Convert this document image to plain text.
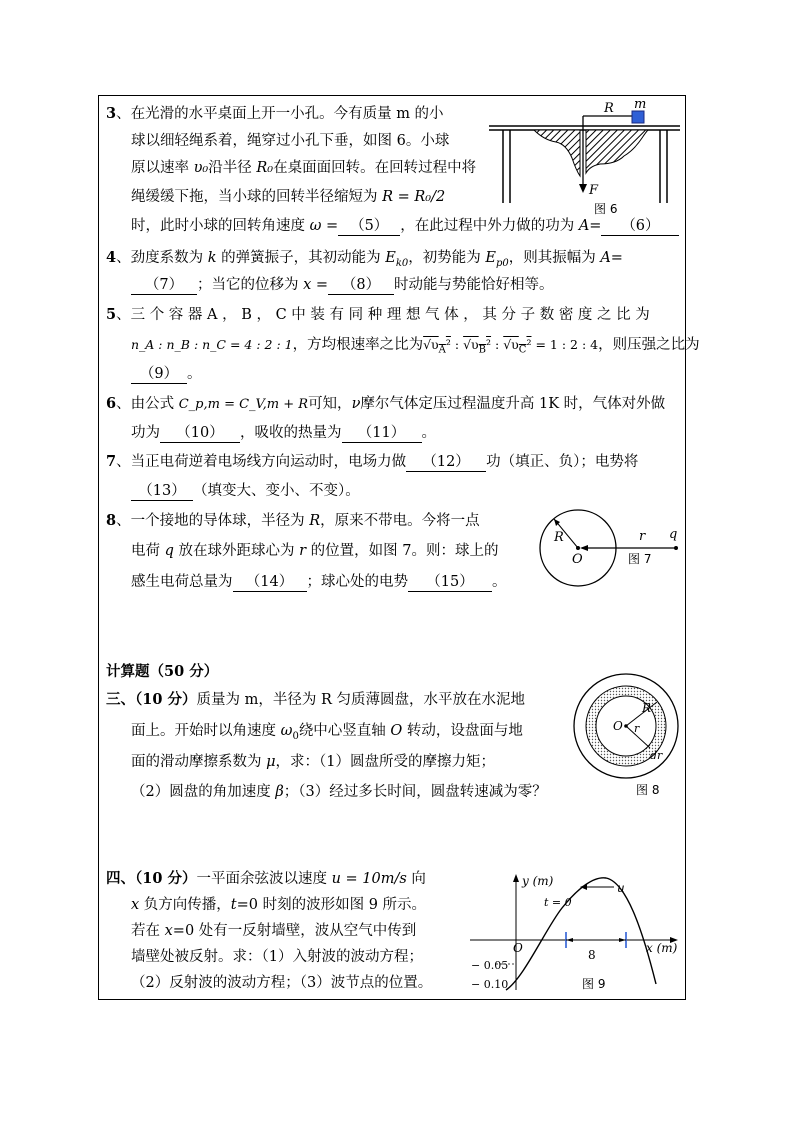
3、在光滑的水平桌面上开一小孔。今有质量 m 的小
球以细轻绳系着，绳穿过小孔下垂，如图 6。小球
原以速率 υ₀沿半径 R₀在桌面面回转。在回转过程中将
绳缓缓下拖，当小球的回转半径缩短为 R = R₀/2
时，此时小球的回转角速度 ω = （5） ，在此过程中外力做的功为 A= （6）
R m
F
图 6
4、劲度系数为 k 的弹簧振子，其初动能为 $E_{k0}$，初势能为 $E_{p0}$，则其振幅为 A=
（7） ；当它的位移为 x = （8） 时动能与势能恰好相等。
5、三 个 容 器 A ， B ， C 中 装 有 同 种 理 想 气 体 ， 其 分 子 数 密 度 之 比 为
n_A : n_B : n_C = 4 : 2 : 1，方均根速率之比为$√\upsilon_A^2$ : $√\upsilon_B^2$ : $√\upsilon_C^2 = 1$ : 2 : 4，则压强之比为
（9） 。
6、由公式 C_p,m = C_V,m + R可知，ν摩尔气体定压过程温度升高 1K 时，气体对外做
功为 （10） ，吸收的热量为 （11） 。
7、当正电荷逆着电场线方向运动时，电场力做 （12） 功（填正、负）；电势将
（13） （填变大、变小、不变）。
8、一个接地的导体球，半径为 R，原来不带电。今将一点
电荷 q 放在球外距球心为 r 的位置，如图 7。则：球上的
感生电荷总量为 （14） ；球心处的电势 （15） 。
R
O
r q
图 7
计算题（50 分）
三、（10 分）质量为 m，半径为 R 匀质薄圆盘，水平放在水泥地
面上。开始时以角速度 $\omega_0$绕中心竖直轴 O 转动，设盘面与地
面的滑动摩擦系数为 μ，求：（1）圆盘所受的摩擦力矩；
（2）圆盘的角加速度 β；（3）经过多长时间，圆盘转速减为零？
O
R
r
dr
图 8
四、（10 分）一平面余弦波以速度 u = 10m/s 向
x 负方向传播，t=0 时刻的波形如图 9 所示。
若在 x=0 处有一反射墙壁，波从空气中传到
墙壁处被反射。求：（1）入射波的波动方程；
（2）反射波的波动方程；（3）波节点的位置。
y (m)
x (m)
u
t = 0
O	8
− 0.05
− 0.10	图 9
